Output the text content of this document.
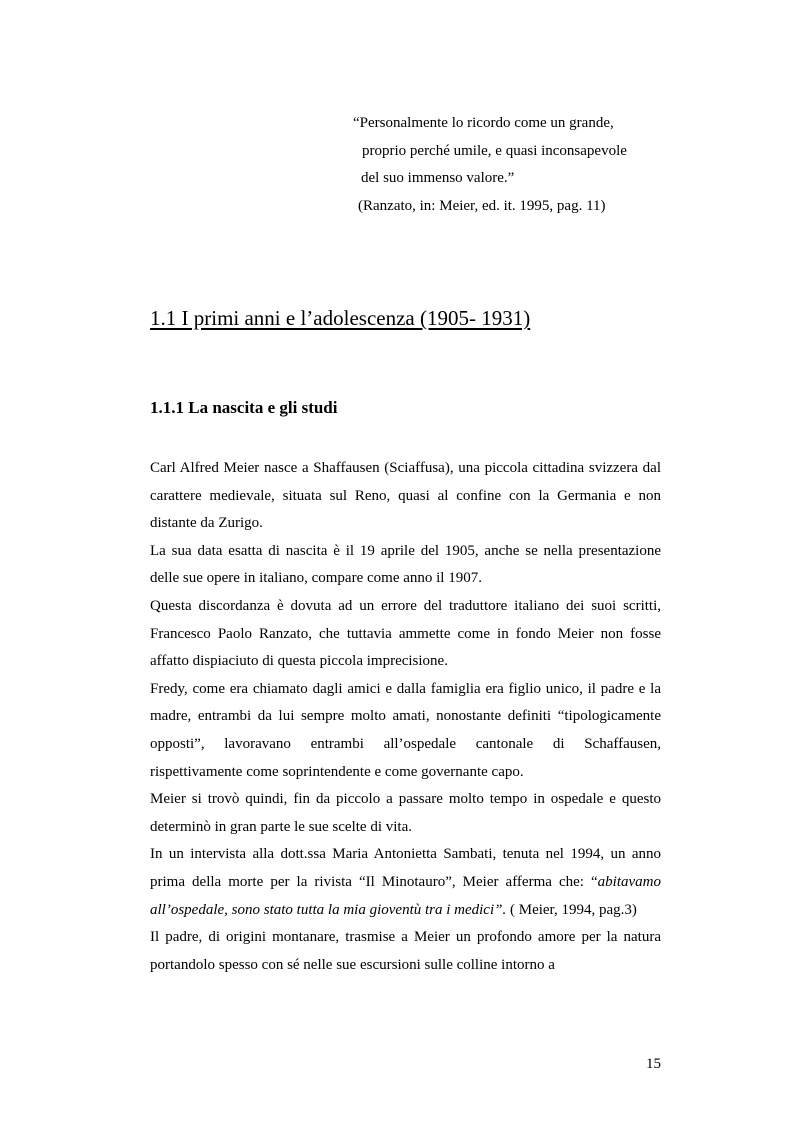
“Personalmente lo ricordo come un grande,
proprio perché umile, e quasi inconsapevole
del suo immenso valore.”
(Ranzato, in: Meier, ed. it. 1995, pag. 11)
1.1 I primi anni e l’adolescenza (1905- 1931)
1.1.1 La nascita e gli studi

Carl Alfred Meier nasce a Shaffausen (Sciaffusa), una piccola cittadina svizzera dal carattere medievale, situata sul Reno, quasi al confine con la Germania e non distante da Zurigo.

La sua data esatta di nascita è il 19 aprile del 1905, anche se nella presentazione delle sue opere in italiano, compare come anno il 1907.

Questa discordanza è dovuta ad un errore del traduttore italiano dei suoi scritti, Francesco Paolo Ranzato, che tuttavia ammette come in fondo Meier non fosse affatto dispiaciuto di questa piccola imprecisione.

Fredy, come era chiamato dagli amici e dalla famiglia era figlio unico, il padre e la madre, entrambi da lui sempre molto amati, nonostante definiti “tipologicamente opposti”, lavoravano entrambi all’ospedale cantonale di Schaffausen, rispettivamente come soprintendente e come governante capo.

Meier si trovò quindi, fin da piccolo a passare molto tempo in ospedale e questo determinò in gran parte le sue scelte di vita.

In un intervista alla dott.ssa Maria Antonietta Sambati, tenuta nel 1994, un anno prima della morte per la rivista “Il Minotauro”, Meier afferma che: “abitavamo all’ospedale, sono stato tutta la mia gioventù tra i medici”. ( Meier, 1994, pag.3)

Il padre, di origini montanare, trasmise a Meier un profondo amore per la natura portandolo spesso con sé nelle sue escursioni sulle colline intorno a

15
